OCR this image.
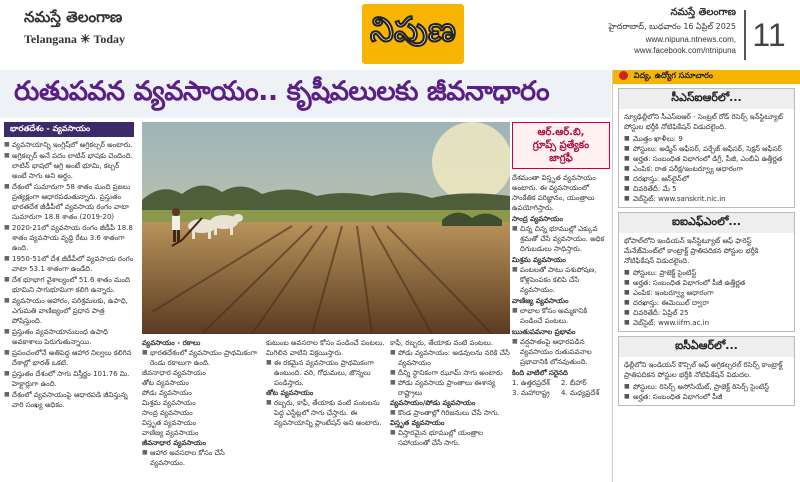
నమస్తే తెలంగాణ
Telangana ☀ Today	నిపుణ	నమస్తే తెలంగాణ
హైదరాబాద్, బుధవారం 16 ఏప్రిల్ 2025
www.nipuna.ntnews.com,
www.facebook.com/ntnipuna 11
రుతుపవన వ్యవసాయం.. కృషీవలులకు జీవనాధారం
భారతదేశం - వ్యవసాయం
■ వ్యవసాయాన్ని ఇంగ్లిష్‌లో అగ్రికల్చర్ అంటారు.
■ అగ్రికల్చర్ అనే పదం లాటిన్ భాషకు చెందింది. లాటిన్ భాషలో అగ్రి అంటే భూమి, కల్చర్ అంటే సాగు అని అర్థం.
■ దేశంలో సుమారుగా 58 శాతం మంది ప్రజలు ప్రత్యక్షంగా ఆధారపడుతున్నారు. ప్రస్తుతం భారతదేశ జీడీపీలో వ్యవసాయ రంగం వాటా సుమారుగా 18.8 శాతం (2019-20)
■ 2020-21లో వ్యవసాయ రంగం జీడీపీ 18.8 శాతం వ్యవసాయ వృద్ధి రేటు 3.6 శాతంగా ఉంది.
■ 1950-51లో దేశ జీడీపీలో వ్యవసాయ రంగం వాటా 53.1 శాతంగా ఉండేది.
■ దేశ భూభాగ వైశాల్యంలో 51.6 శాతం మంది భూమిని సాగుభూమిగా కలిగి ఉన్నారు.
■ వ్యవసాయం ఆహారం, పరిశ్రమలకు, ఉపాధి, ఎగుమతి వాణిజ్యంలో ప్రధాన పాత్ర పోషిస్తుంది.
■ ప్రస్తుతం వ్యవసాయానుబంధ ఉపాధి అవకాశాలు పెరుగుతున్నాయి.
■ ప్రపంచంలోనే అతిపెద్ద ఆహార నిల్వలు కలిగిన దేశాల్లో భారత్ ఒకటి.
■ ప్రస్తుతం దేశంలో సాగు విస్తీర్ణం 101.76 మి. హెక్టార్లుగా ఉంది.
■ దేశంలో వ్యవసాయంపై ఆధారపడి జీవిస్తున్న వారి సంఖ్య అధికం.
వ్యవసాయం - రకాలు
■ భారతదేశంలో వ్యవసాయం ప్రాథమికంగా రెండు రకాలుగా ఉంది.
జీవనాధార వ్యవసాయం
తోట వ్యవసాయం
పోడు వ్యవసాయం
మిశ్రమ వ్యవసాయం
సాంద్ర వ్యవసాయం
విస్తృత వ్యవసాయం
వాణిజ్య వ్యవసాయం
జీవనాధార వ్యవసాయం
■ ఆహార అవసరాల కోసం చేసే వ్యవసాయం.
కుటుంబ అవసరాల కోసం పండించే పంటలు. మిగిలిన వాటిని విక్రయిస్తారు.
■ ఈ రకమైన వ్యవసాయం ప్రాథమికంగా ఉంటుంది. వరి, గోధుమలు, జొన్నలు పండిస్తారు.
తోట వ్యవసాయం
■ రబ్బరు, కాఫీ, తేయాకు వంటి పంటలను పెద్ద ఎస్టేట్లలో సాగు చేస్తారు. ఈ వ్యవసాయాన్ని ప్లాంటేషన్ అని అంటారు.
కాఫీ, రబ్బరు, తేయాకు వంటి పంటలు.
■ పోడు వ్యవసాయం: అడవులను నరికి చేసే వ్యవసాయం
■ దీన్ని స్థానికంగా ఝూమ్ సాగు అంటారు
■ పోడు వ్యవసాయ ప్రాంతాలు ఈశాన్య రాష్ట్రాలు
వ్యవసాయం/పోడు వ్యవసాయం
■ కొండ ప్రాంతాల్లో గిరిజనులు చేసే సాగు.
విస్తృత వ్యవసాయం
■ విస్తారమైన భూముల్లో యంత్రాల సహాయంతో చేసే సాగు.
ఆర్.ఆర్.బి,
గ్రూప్స్ ప్రత్యేకం
జాగ్రఫీ
దేశమంతా విస్తృత వ్యవసాయం అంటారు. ఈ వ్యవసాయంలో సాంకేతిక పరిజ్ఞానం, యంత్రాలు ఉపయోగిస్తారు.
సాంద్ర వ్యవసాయం
■ చిన్న చిన్న భూముల్లో ఎక్కువ శ్రమతో చేసే వ్యవసాయం. అధిక దిగుబడులు సాధిస్తారు.
మిశ్రమ వ్యవసాయం
■ పంటలతో పాటు పశుపోషణ, కోళ్లపెంపకం కలిపి చేసే వ్యవసాయం.
వాణిజ్య వ్యవసాయం
■ లాభాల కోసం అమ్మకానికి పండించే పంటలు.
ఋతుపవనాల ప్రభావం
■ వర్షపాతంపై ఆధారపడిన వ్యవసాయం రుతుపవనాల ప్రభావానికి లోనవుతుంది.
కింది వాటిలో సరైనది
1. ఉత్తరప్రదేశ్	2. బీహార్
3. మహారాష్ట్ర	4. మధ్యప్రదేశ్
విద్య, ఉద్యోగ సమాచారం
సీఎస్ఐఆర్‌లో...
న్యూఢిల్లీలోని సీఎస్ఐఆర్ - సెంట్రల్ రోడ్ రిసెర్చ్ ఇన్‌స్టిట్యూట్ పోస్టుల భర్తీకి నోటిఫికేషన్ విడుదలైంది.
■ మొత్తం ఖాళీలు: 9
■ పోస్టులు: అడ్మిన్ ఆఫీసర్, పర్చేజ్ ఆఫీసర్, సెక్షన్ ఆఫీసర్
■ అర్హత: సంబంధిత విభాగంలో డిగ్రీ, పీజీ, ఎంబీఏ ఉత్తీర్ణత
■ ఎంపిక: రాత పరీక్ష/ఇంటర్వ్యూ ఆధారంగా
■ దరఖాస్తు: ఆన్‌లైన్‌లో
■ చివరితేదీ: మే 5
■ వెబ్‌సైట్: www.sanskrit.nic.in
ఐఐఎఫ్ఎంలో...
భోపాల్‌లోని ఇండియన్ ఇన్‌స్టిట్యూట్ ఆఫ్ ఫారెస్ట్ మేనేజ్‌మెంట్‌లో కాంట్రాక్ట్ ప్రాతిపదికన పోస్టుల భర్తీకి నోటిఫికేషన్ విడుదలైంది.
■ పోస్టులు: ప్రాజెక్ట్ సైంటిస్ట్
■ అర్హత: సంబంధిత విభాగంలో పీజీ ఉత్తీర్ణత
■ ఎంపిక: ఇంటర్వ్యూ ఆధారంగా
■ దరఖాస్తు: ఈమెయిల్ ద్వారా
■ చివరితేదీ: ఏప్రిల్ 25
■ వెబ్‌సైట్: www.iifm.ac.in
ఐసీఏఆర్‌లో...
ఢిల్లీలోని ఇండియన్ కౌన్సిల్ ఆఫ్ అగ్రికల్చరల్ రిసెర్చ్ కాంట్రాక్ట్ ప్రాతిపదికన పోస్టుల భర్తీకి నోటిఫికేషన్ విడుదల.
■ పోస్టులు: రిసెర్చ్ అసోసియేట్, ప్రాజెక్ట్ రిసెర్చ్ సైంటిస్ట్
■ అర్హత: సంబంధిత విభాగంలో పీజీ
